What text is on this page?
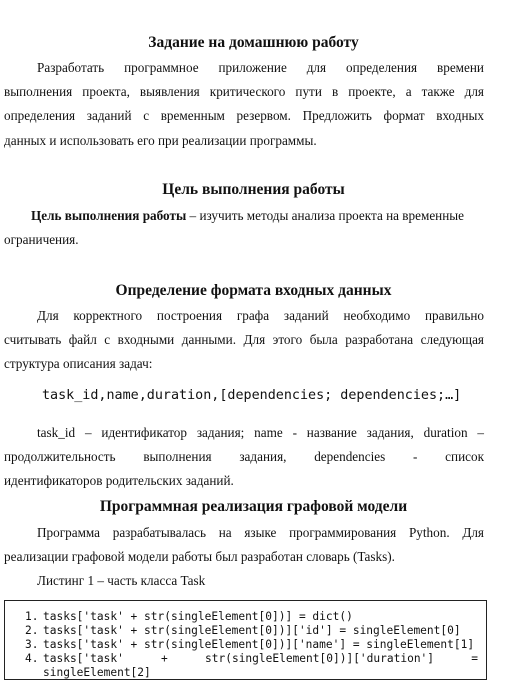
Задание на домашнюю работу
Разработать программное приложение для определения времени
выполнения проекта, выявления критического пути в проекте, а также для
определения заданий с временным резервом. Предложить формат входных
данных и использовать его при реализации программы.
Цель выполнения работы
Цель выполнения работы – изучить методы анализа проекта на временные
ограничения.
Определение формата входных данных
Для корректного построения графа заданий необходимо правильно
считывать файл с входными данными. Для этого была разработана следующая
структура описания задач:
task_id,name,duration,[dependencies; dependencies;…]
task_id – идентификатор задания; name - название задания, duration –
продолжительность выполнения задания, dependencies - список
идентификаторов родительских заданий.
Программная реализация графовой модели
Программа разрабатывалась на языке программирования Python. Для
реализации графовой модели работы был разработан словарь (Tasks).
Листинг 1 – часть класса Task
1. tasks['task' + str(singleElement[0])] = dict()
2. tasks['task' + str(singleElement[0])]['id'] = singleElement[0]
3. tasks['task' + str(singleElement[0])]['name'] = singleElement[1]
4. tasks['task'	+	str(singleElement[0])]['duration']	=
singleElement[2]
